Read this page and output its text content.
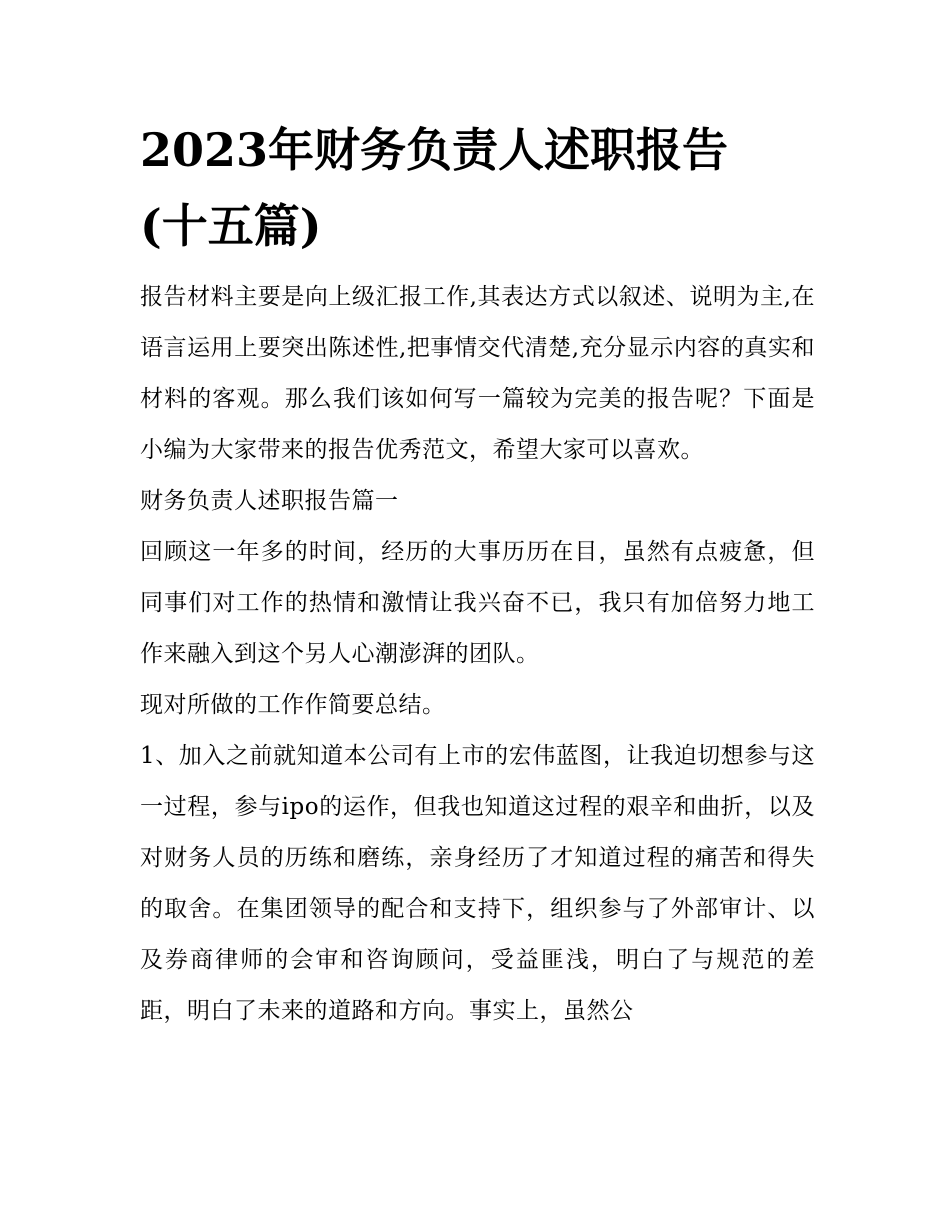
2023年财务负责人述职报告(十五篇)

报告材料主要是向上级汇报工作,其表达方式以叙述、说明为主,在语言运用上要突出陈述性,把事情交代清楚,充分显示内容的真实和材料的客观。那么我们该如何写一篇较为完美的报告呢？下面是小编为大家带来的报告优秀范文，希望大家可以喜欢。

财务负责人述职报告篇一

回顾这一年多的时间，经历的大事历历在目，虽然有点疲惫，但同事们对工作的热情和激情让我兴奋不已，我只有加倍努力地工作来融入到这个另人心潮澎湃的团队。

现对所做的工作作简要总结。

1、加入之前就知道本公司有上市的宏伟蓝图，让我迫切想参与这一过程，参与ipo的运作，但我也知道这过程的艰辛和曲折，以及对财务人员的历练和磨练，亲身经历了才知道过程的痛苦和得失的取舍。在集团领导的配合和支持下，组织参与了外部审计、以及券商律师的会审和咨询顾问，受益匪浅，明白了与规范的差距，明白了未来的道路和方向。事实上，虽然公
